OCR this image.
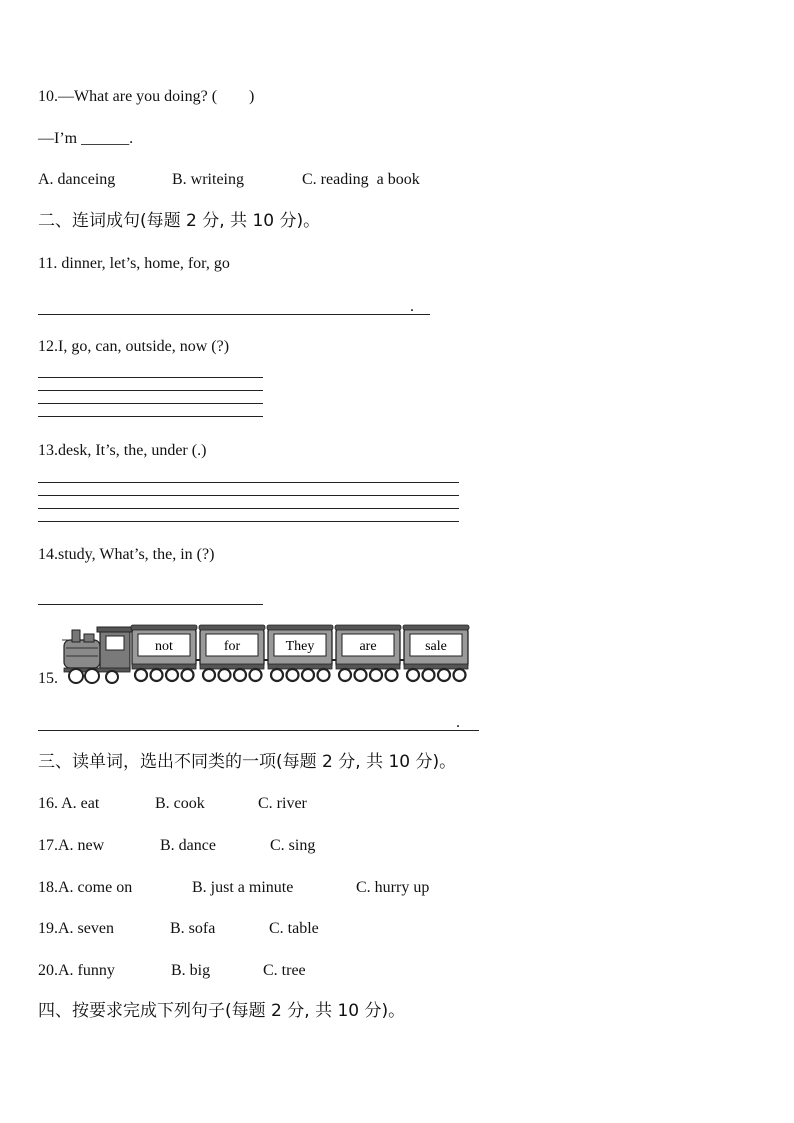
10.—What are you doing? (  )
—I’m ______.
A. danceing	B. writeing	C. reading  a book
二、连词成句(每题 2 分, 共 10 分)。
11. dinner, let’s, home, for, go
.
12.I, go, can, outside, now (?)
13.desk, It’s, the, under (.)
14.study, What’s, the, in (?)
15.
not	for	They	are	sale
.
三、读单词，选出不同类的一项(每题 2 分, 共 10 分)。
16. A. eat	B. cook	C. river
17.A. new	B. dance	C. sing
18.A. come on	B. just a minute	C. hurry up
19.A. seven	B. sofa	C. table
20.A. funny	B. big	C. tree
四、按要求完成下列句子(每题 2 分, 共 10 分)。
